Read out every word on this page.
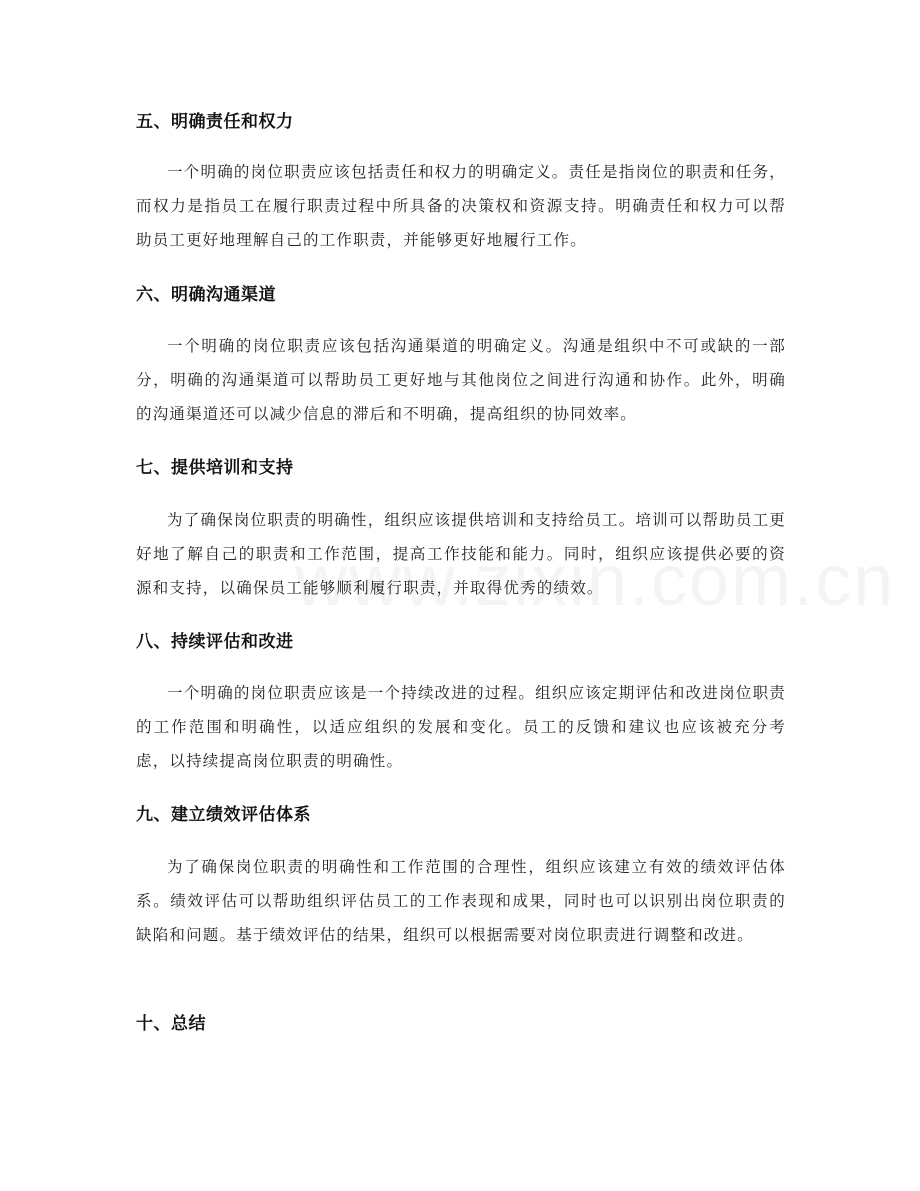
五、明确责任和权力

一个明确的岗位职责应该包括责任和权力的明确定义。责任是指岗位的职责和任务，而权力是指员工在履行职责过程中所具备的决策权和资源支持。明确责任和权力可以帮助员工更好地理解自己的工作职责，并能够更好地履行工作。

六、明确沟通渠道

一个明确的岗位职责应该包括沟通渠道的明确定义。沟通是组织中不可或缺的一部分，明确的沟通渠道可以帮助员工更好地与其他岗位之间进行沟通和协作。此外，明确的沟通渠道还可以减少信息的滞后和不明确，提高组织的协同效率。

七、提供培训和支持

为了确保岗位职责的明确性，组织应该提供培训和支持给员工。培训可以帮助员工更好地了解自己的职责和工作范围，提高工作技能和能力。同时，组织应该提供必要的资源和支持，以确保员工能够顺利履行职责，并取得优秀的绩效。

八、持续评估和改进

一个明确的岗位职责应该是一个持续改进的过程。组织应该定期评估和改进岗位职责的工作范围和明确性，以适应组织的发展和变化。员工的反馈和建议也应该被充分考虑，以持续提高岗位职责的明确性。

九、建立绩效评估体系

为了确保岗位职责的明确性和工作范围的合理性，组织应该建立有效的绩效评估体系。绩效评估可以帮助组织评估员工的工作表现和成果，同时也可以识别出岗位职责的缺陷和问题。基于绩效评估的结果，组织可以根据需要对岗位职责进行调整和改进。

十、总结
